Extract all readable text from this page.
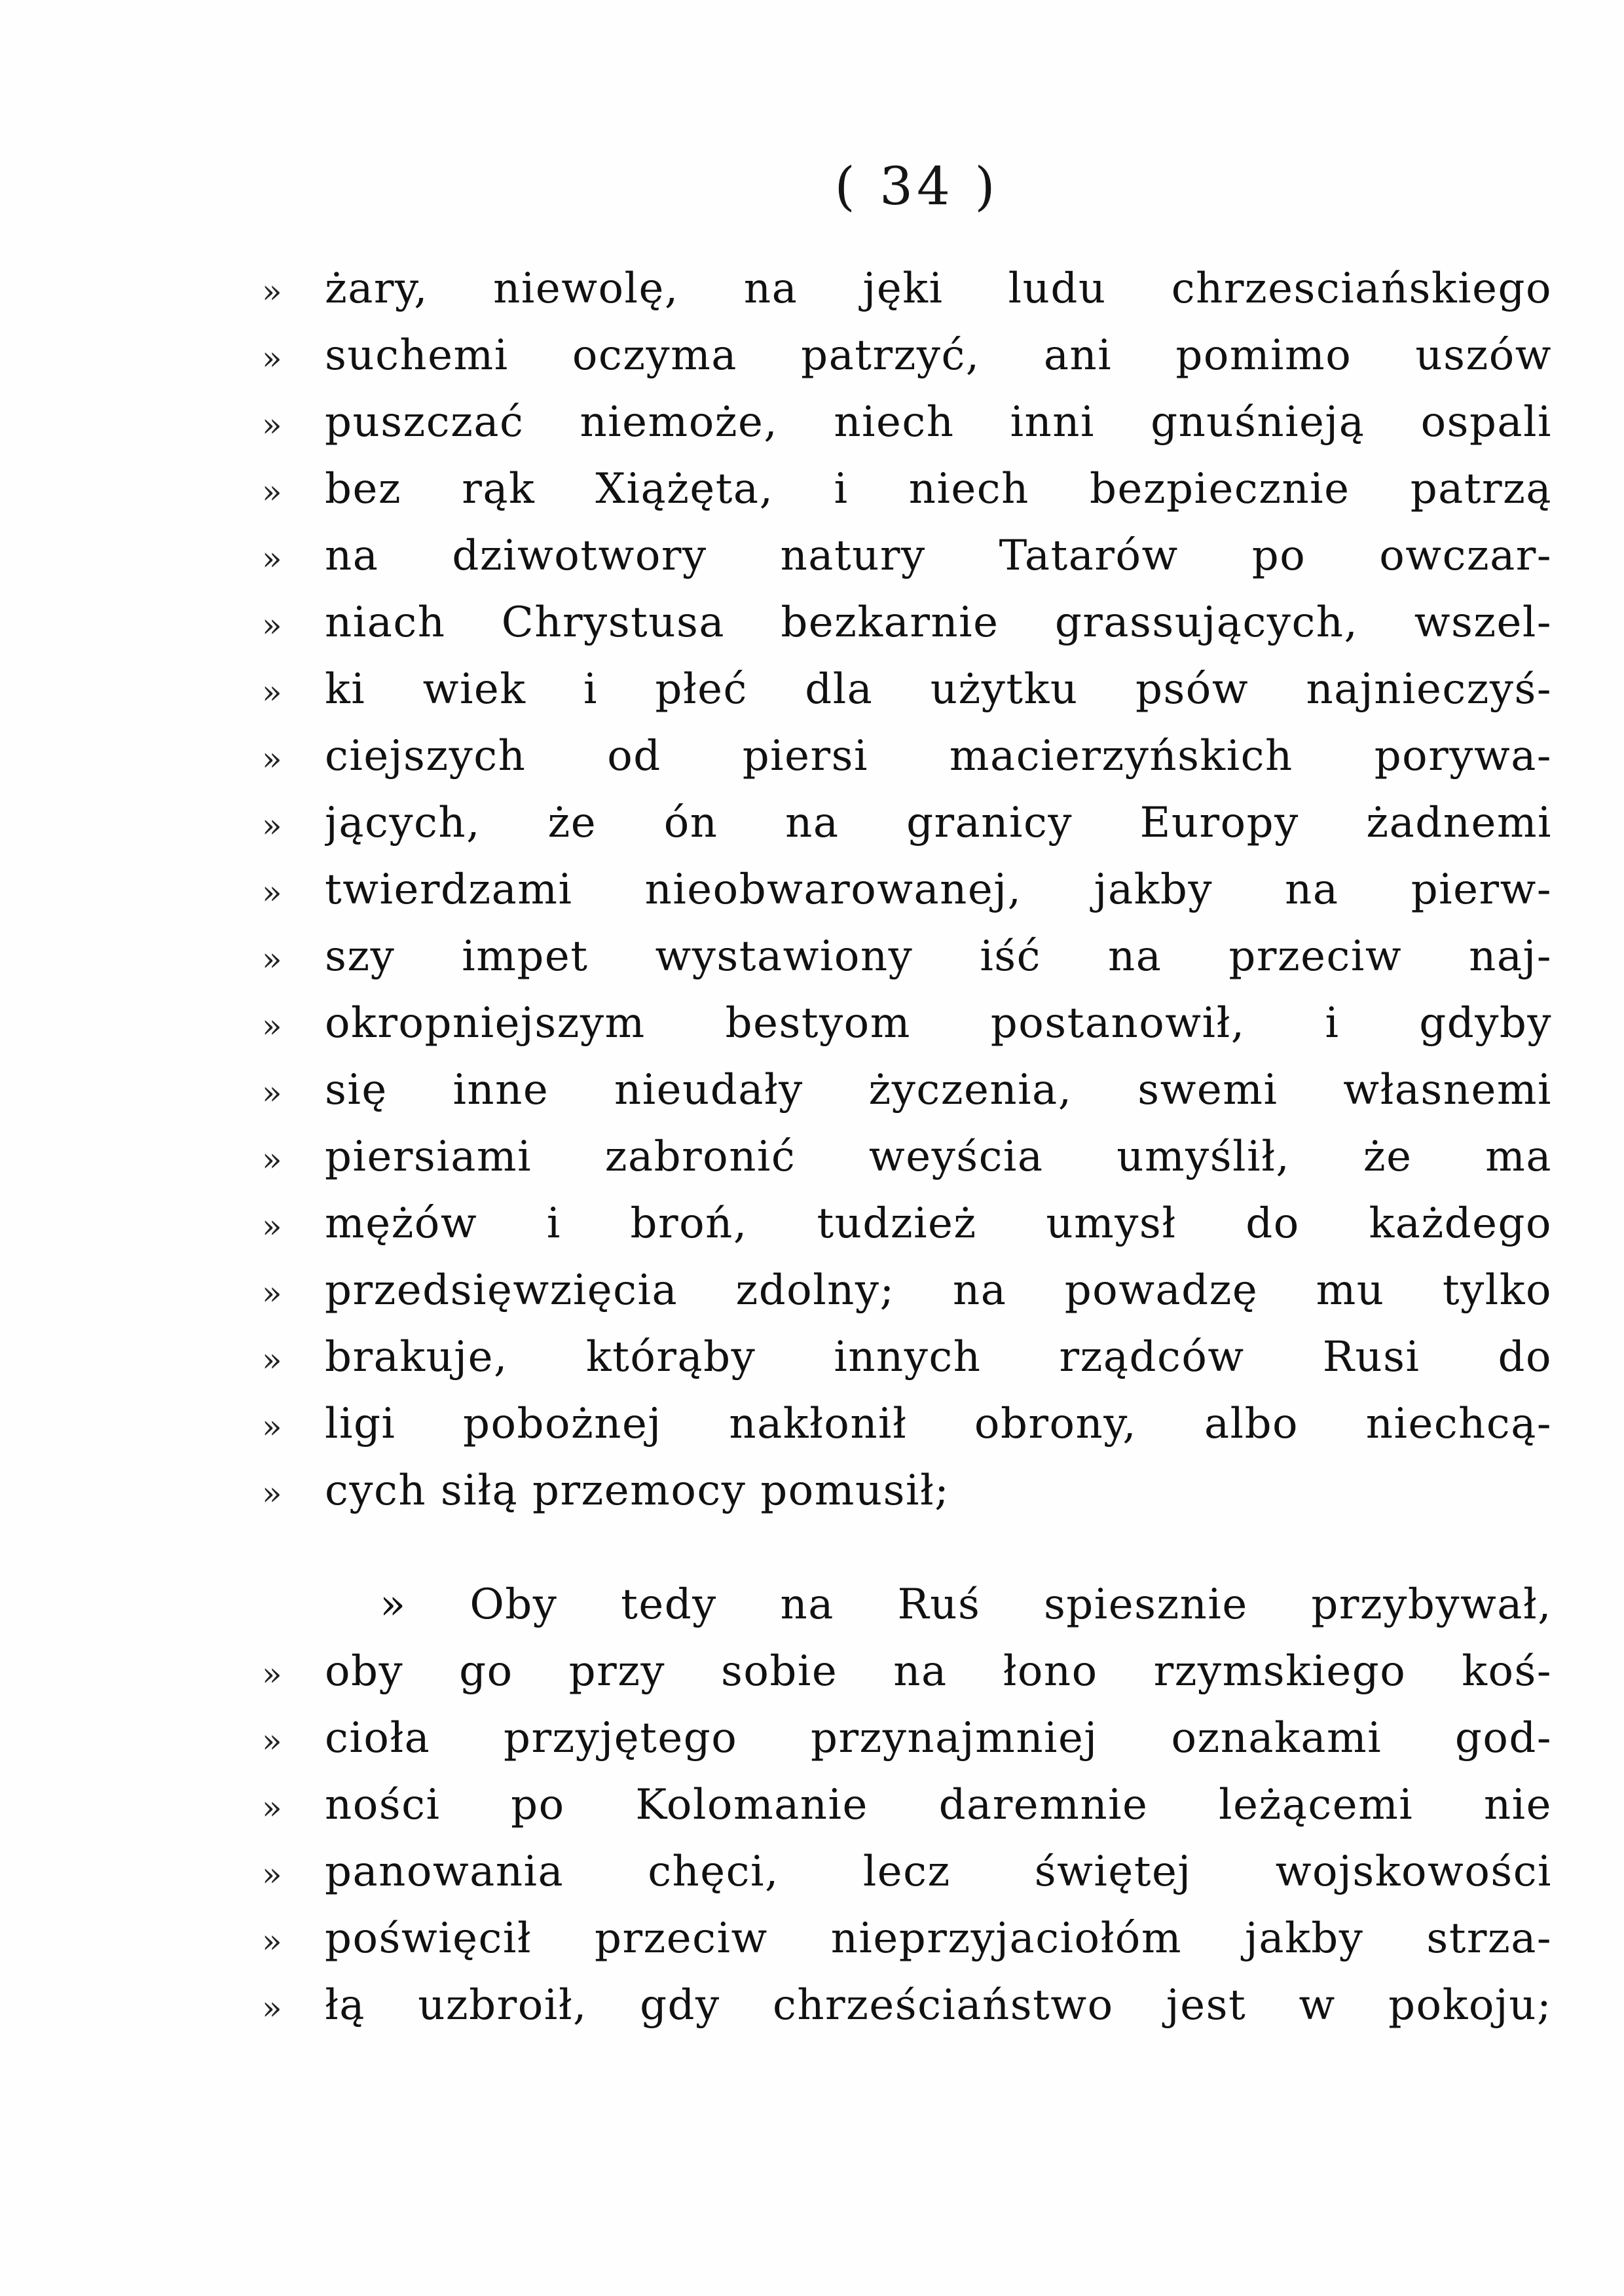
( 34 )
»	żary, niewolę, na jęki ludu chrzesciańskiego
»	suchemi oczyma patrzyć, ani pomimo uszów
»	puszczać niemoże, niech inni gnuśnieją ospali
»	bez rąk Xiążęta, i niech bezpiecznie patrzą
»	na dziwotwory natury Tatarów po owczar-
»	niach Chrystusa bezkarnie grassujących, wszel-
»	ki wiek i płeć dla użytku psów najnieczyś-
»	ciejszych od piersi macierzyńskich porywa-
»	jących, że ón na granicy Europy żadnemi
»	twierdzami nieobwarowanej, jakby na pierw-
»	szy impet wystawiony iść na przeciw naj-
»	okropniejszym bestyom postanowił, i gdyby
»	się inne nieudały życzenia, swemi własnemi
»	piersiami zabronić weyścia umyślił, że ma
»	mężów i broń, tudzież umysł do każdego
»	przedsięwzięcia zdolny; na powadzę mu tylko
»	brakuje, którąby innych rządców Rusi do
»	ligi pobożnej nakłonił obrony, albo niechcą-
»	cych siłą przemocy pomusił;
» Oby tedy na Ruś spiesznie przybywał,
»	oby go przy sobie na łono rzymskiego koś-
»	cioła przyjętego przynajmniej oznakami god-
»	ności po Kolomanie daremnie leżącemi nie
»	panowania chęci, lecz świętej wojskowości
»	poświęcił przeciw nieprzyjaciołóm jakby strza-
»	łą uzbroił, gdy chrześciaństwo jest w pokoju;
